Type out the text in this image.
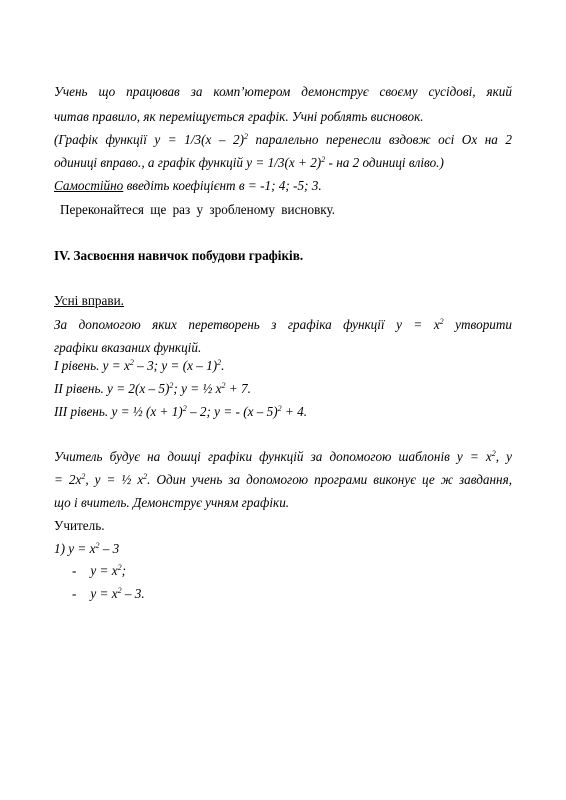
Учень що працював за комп’ютером демонструє своєму сусідові, який
читав правило, як переміщується графік. Учні роблять висновок.
(Графік функції y = 1/3(x – 2)$^2$ паралельно перенесли вздовж осі Ох на 2
одиниці вправо., а графік функцій $y = 1/3(x + 2)^2$ - на 2 одиниці вліво.)
Самостійно введіть коефіцієнт в = -1; 4; -5; 3.
Переконайтеся ще раз у зробленому висновку.
IV. Засвоєння навичок побудови графіків.
Усні вправи.
За допомогою яких перетворень з графіка функції $y = x^2$ утворити
графіки вказаних функцій.
І рівень. $y = x^2 - 3$; y = (x – 1)$^2$.
ІІ рівень. y = 2(x – 5)$^2$; y = ½ $x^2 + 7$.
ІІІ рівень. y = ½ $(x + 1)^2 - 2$; y = - (x – 5)$^2$ + 4.
Учитель будує на дошці графіки функцій за допомогою шаблонів $y = x^2$, y
= $2x^2$, y = ½ $x^2$. Один учень за допомогою програми виконує це ж завдання,
що і вчитель. Демонструє учням графіки.
Учитель.
1) $y = x^2 - 3$
- $y = x^2$;
- $y = x^2 - 3$.
